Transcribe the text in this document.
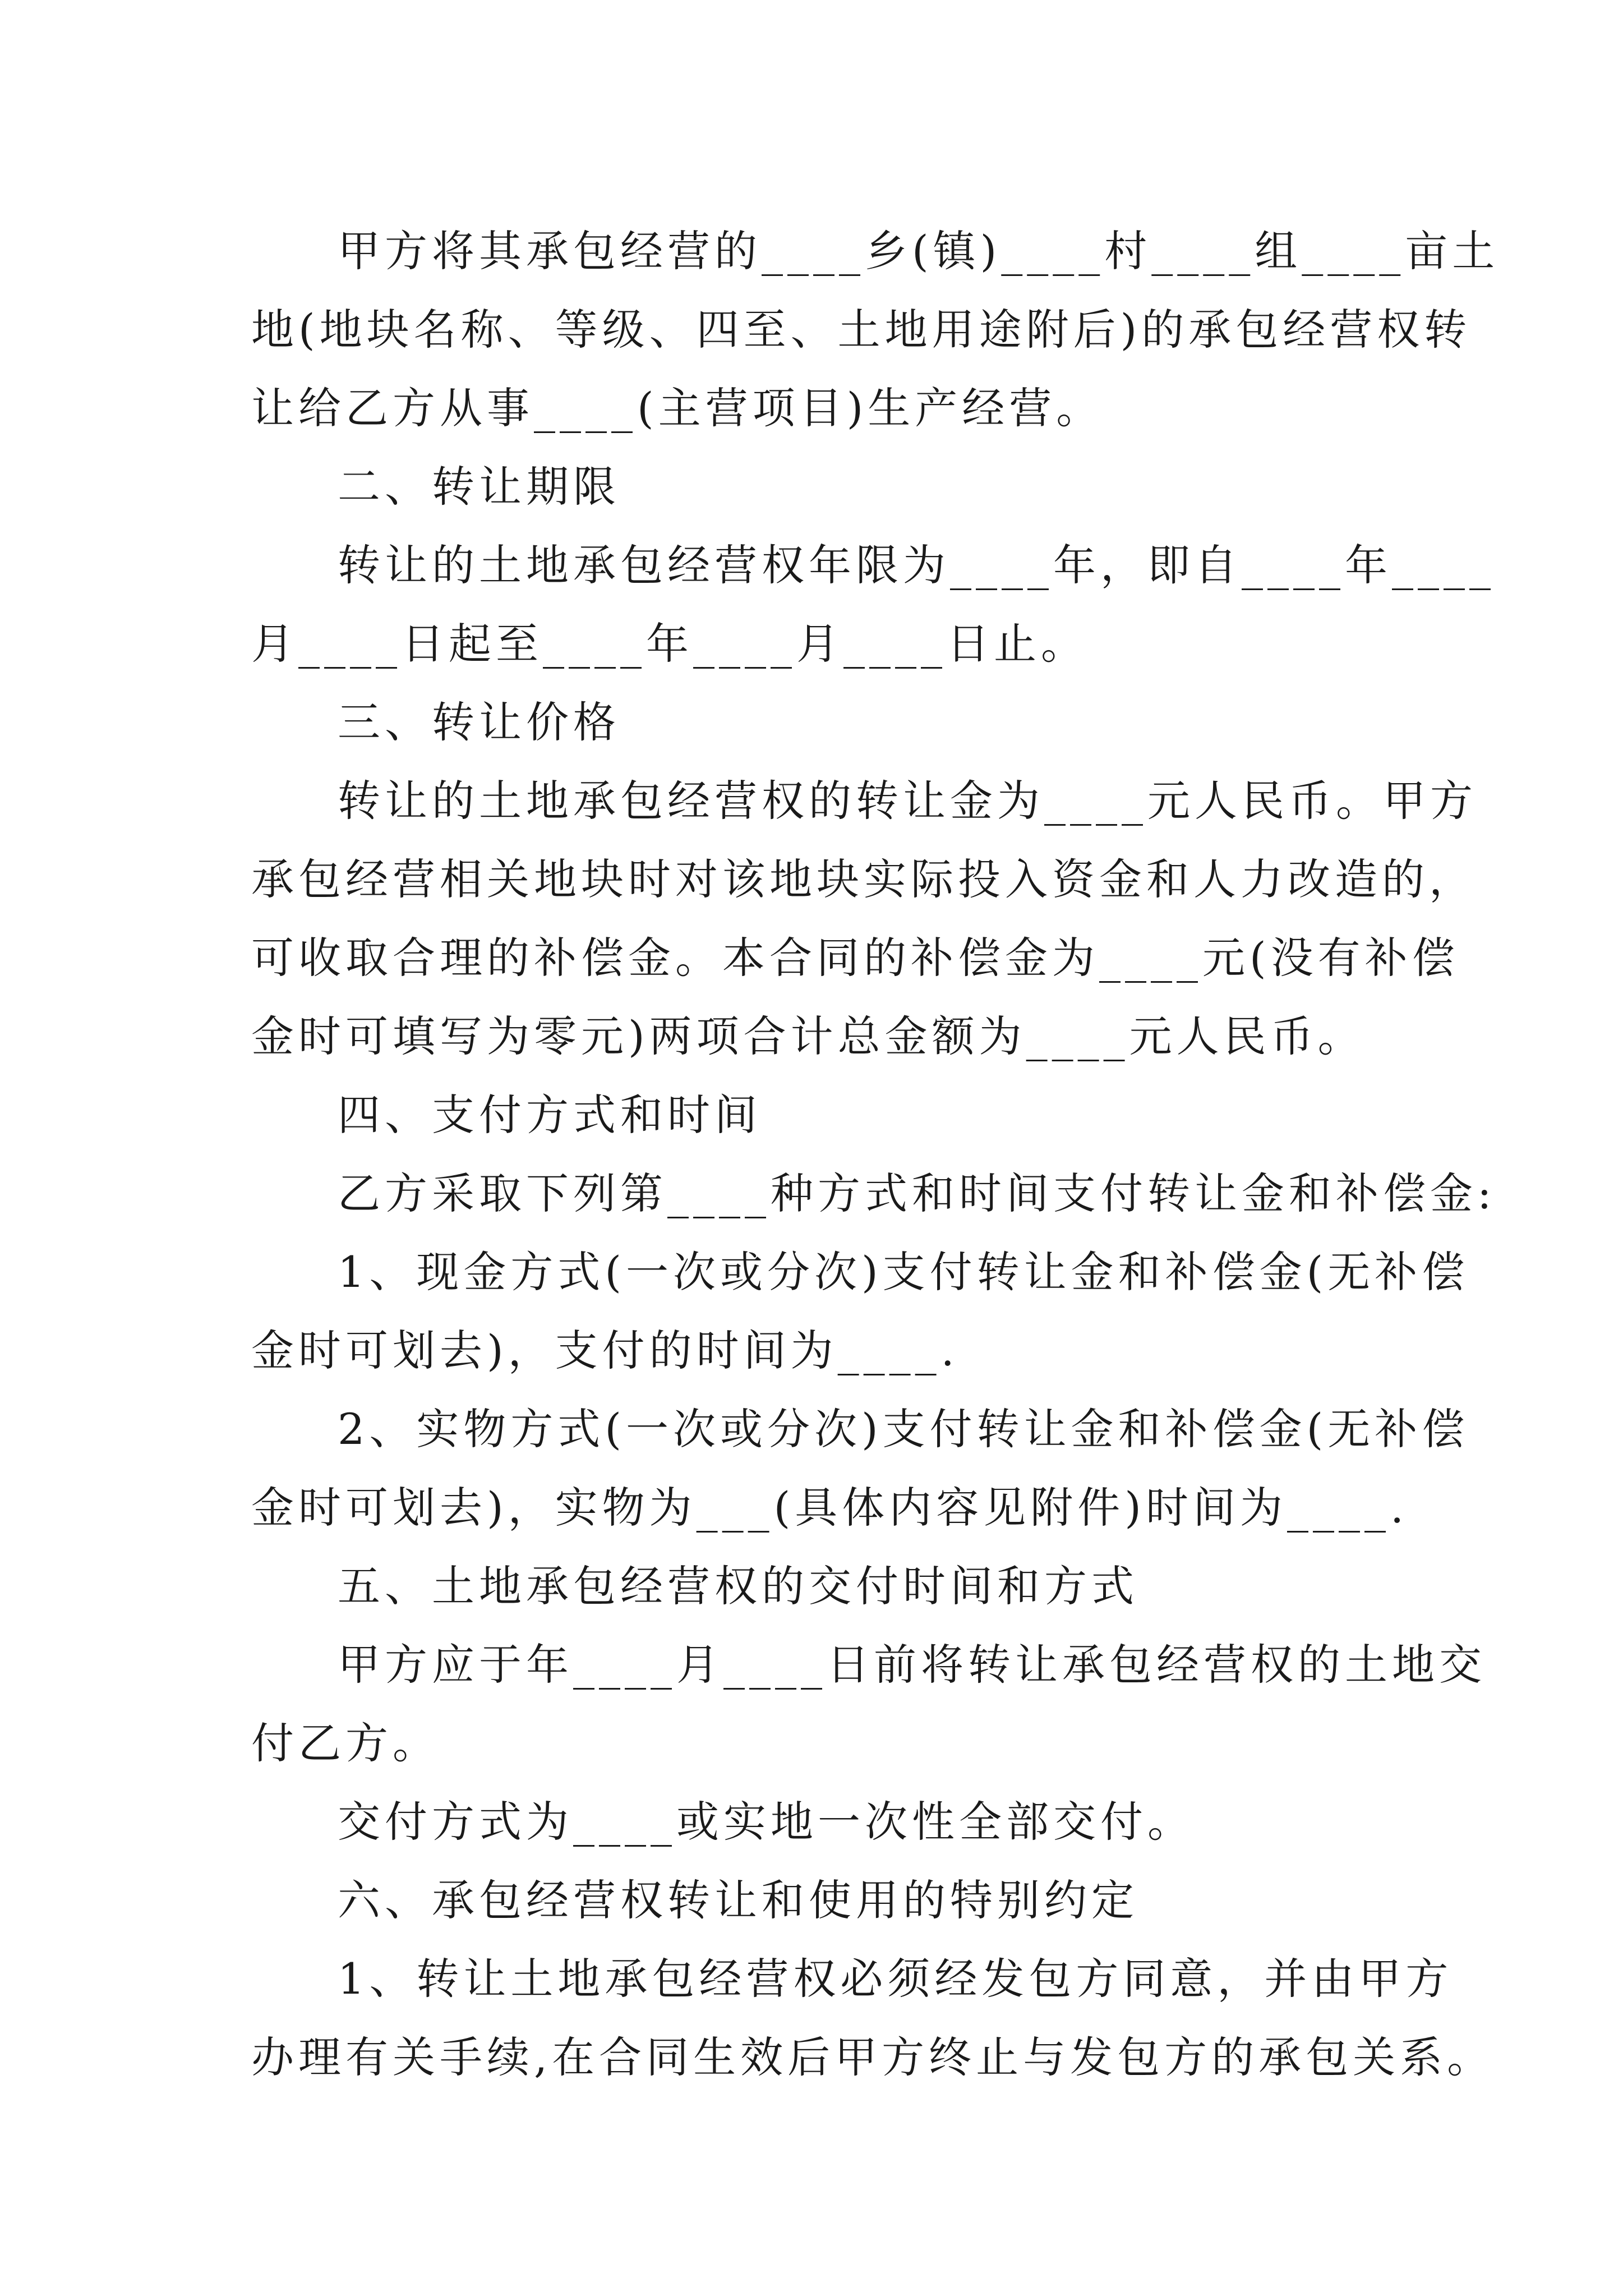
甲方将其承包经营的____乡(镇)____村____组____亩土
地(地块名称、等级、四至、土地用途附后)的承包经营权转
让给乙方从事____(主营项目)生产经营。
二、转让期限
转让的土地承包经营权年限为____年，即自____年____
月____日起至____年____月____日止。
三、转让价格
转让的土地承包经营权的转让金为____元人民币。甲方
承包经营相关地块时对该地块实际投入资金和人力改造的，
可收取合理的补偿金。本合同的补偿金为____元(没有补偿
金时可填写为零元)两项合计总金额为____元人民币。
四、支付方式和时间
乙方采取下列第____种方式和时间支付转让金和补偿金:
1、现金方式(一次或分次)支付转让金和补偿金(无补偿
金时可划去)，支付的时间为____.
2、实物方式(一次或分次)支付转让金和补偿金(无补偿
金时可划去)，实物为___(具体内容见附件)时间为____.
五、土地承包经营权的交付时间和方式
甲方应于年____月____日前将转让承包经营权的土地交
付乙方。
交付方式为____或实地一次性全部交付。
六、承包经营权转让和使用的特别约定
1、转让土地承包经营权必须经发包方同意，并由甲方
办理有关手续,在合同生效后甲方终止与发包方的承包关系。
